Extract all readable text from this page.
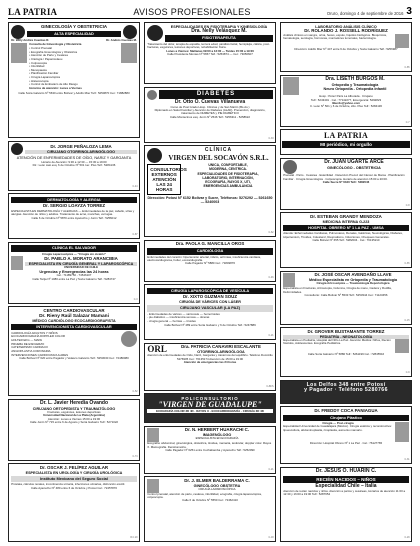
LA PATRIA	AVISOS PROFESIONALES	Oruro, domingo 4 de septiembre de 2016 3
GINECOLOGÍA Y OBSTETRICIA
ALTA ESPECIALIDAD
Dr. Willy Andrés Cuentas R.	Dr. Andrés Cuentas M.
Consulta de Ginecología y Obstetricia
• Control Prenatal
• Ecografía Ginecológica y Obstétrica
• Atención de Parto y Cesárea
• Citología / Papanicolaou
• Colposcopia
• Infertilidad
• Menopausia
• Planificación Familiar
• Cirugía Laparoscópica
• Histeroscopia
• Control de Embarazo de Alto Riesgo
Horarios de atención: Lunes a Viernes
Calle Soria Galvarro Nº 5630 entre Bolívar y Adolfo Mier Telf.: 5250870 Cel.: 71882883
Dr. JORGE PEÑALOZA LEMA
CIRUJANO OTORRINOLARINGÓLOGO
ATENCIÓN DE ENFERMEDADES DE OÍDO, NARIZ Y GARGANTA
Horario de Atención: 9:30 a 12:30 — 15:30 a 19:00
Dir.: León casi esq. 6 de Octubre Nº 501 1er. Piso Telf.: 5284136
C-44
DERMATOLOGÍA Y ALERGIA
Dr. SERGIO LOAYZA TORREZ
ESPECIALISTA EN DERMATOLOGÍA Y ALERGIAS — Enfermedades de la piel, cabello, uñas y alergias. Atención de niños y adultos. Tratamiento de acné, manchas, verrugas.
Calle 6 de Octubre Nº 5870 entre Ayacucho y Junín Telf.: 5256012
C-87
CLÍNICA EL SALVADOR
Cirugía Laparoscópica — "Cirugía sin cicatriz"
Dr. PABLO A. MORATO ARANCIBIA
ESPECIALISTA EN CIRUGÍA GENERAL Y LAPAROSCÓPICA
UNIVERSIDAD DE CHILE
Urgencias y Emergencias las 24 horas
Cel.: 71189750 - 74546107
Calle Tarija Nº 1080 entre La Paz y Soria Galvarro Telf.: 5284747
C-3
CENTRO CARDIOVASCULAR
Dr. Rieny Raúl Salazar Mamani
MÉDICO CARDIÓLOGO ECOCARDIOGRAFISTA
INTERVENCIONISTA CARDIOVASCULAR
CARDIOLOGÍA ADULTOS Y NIÑOS
ECOCARDIOGRAFÍA DOPPLER COLOR
HOLTER EKG — MAPA
PRUEBA DE ESFUERZO
CATETERISMO CARDIACO
ANGIOPLASTIA CORONARIA
INTERVENCIONES CARDIOVASCULARES
Calle Bolívar Nº 620 entre Pagador y Velasco Galvarro Telf.: 5253030 Cel.: 72480080
C-52
Dr. L. Javier Heredia Ovando
CIRUJANO ORTOPEDISTA Y TRAUMATÓLOGO
Fracturas, esguinces, lesiones deportivas
Universidad Nacional de La Plata (Argentina)
Atención: Lunes a Viernes 15:00 a 19:00
Calle Junín Nº 715 entre 6 de Agosto y Soria Galvarro Telf.: 5271022
C-74
Dr. OSCAR J. FELÍPEZ AGUILAR
ESPECIALISTA EN UROLOGÍA Y CIRUGÍA UROLÓGICA
Instituto Mexicano del Seguro Social
Próstata, cálculos renales, incontinencia urinaria, infecciones urinarias, disfunción eréctil.
Calle Ayacucho Nº 480 entre 6 de Octubre y Potosí Cel.: 72457870
R.C.20
ESPECIALIDADES EN FISIOTERAPIA Y KINESIOLOGÍA
Dra. Nelly Velásquez M.
FISIOTERAPEUTA
Tratamiento del dolor, terapia de espalda, tercera edad, parálisis facial, hemiplejia, ciática, post-fracturas, esguinces, lesiones deportivas, rehabilitación física.
Lunes a Viernes: Mañanas 09:00 a 12:00 — Tardes 15:00 a 19:00
Calle Presidente Montes Nº 5657 Telf.: 5253874 — Cel.: 73056607
DIABETES
Dr. Otto O. Cuevas Villanueva
Curso de Post Grado Hosp. Clínicas y de San Martín (Bs.As.)
Diplomado en Salud Familiar y Atención de Diabetes (ALAD). Prevención, diagnóstico, tratamiento de DIABETES y PIE DIABÉTICO
Calle Montecinos esq. Junín Nº 2546 Telf.: 5256311 - 5258622
C-33
CLÍNICA
VIRGEN DEL SOCAVÓN S.R.L.
CONSULTORIOS EXTERNOS ATENCIÓN LAS 24 HORAS
UNICA, CONFORTABLE,
MODERNA, CENTRICA.
ESPECIALIDADES DE FISIOTERAPIA,
LABORATORIO, INTERNACIÓN,
ECOGRAFÍA, RAYOS X, UTI,
EMERGENCIAS AMBULANCIA
Dirección: Potosí Nº 6152 Bolívar y Sucre, Teléfonos: 5276292 — 5261650 — 5240003
C-62
Dra. PAOLA G. MANCILLA OROS
CARDIÓLOGA
Enfermedades del corazón: hipertensión arterial, infarto, arritmias, insuficiencia cardiaca, electrocardiograma, holter, ecocardiografía.
Calle Pagador Nº 5880 Cel.: 71849876
C-46
CIRUGÍA LAPAROSCÓPICA DE VESÍCULA
Dr. XIXTO GUZMAN SOUZ
CIRUGÍA DE VÁRICES CON LÁSER
CIRUJANO VASCULAR (LA PAZ)
- Enfermedades de várices — varicocele — hemorroides
- pie diabético — insuficiencia venosa — úlceras
- cirugía general — hernias — tiroides
Calle Bolívar Nº 489 entre Soria Galvarro y 6 de Octubre Telf.: 5247889
C-21
ORL	Dra. PATRICIA CANAVIRI ESCALANTE
OTORRINOLARINGÓLOGA
Atención de enfermedades de Oído, Nariz, Garganta y trastornos del equilibrio. Teléfono Domicilio 5276905 Cel.: 76135174 Atención de 15:00 a 19:00
Atención de emergencias las 24 horas
C-84/S
POLICONSULTORIO
"VIRGEN DE GUADALUPE"
ECOGRAFÍA COLOR 3D 4D · RAYOS X · ECOCARDIOGRAFÍA · CIRUGÍA 3D 4D
Dr. N. HERBERT HUARACHI C.
IMAGENÓLOGO
ESPECIALISTA EN ECOGRAFÍA
Ecografía: abdominal, ginecológica, obstétrica, tiroidea, mamaria, testicular, doppler color. Rayos X. Mamografía. Densitometría.
Calle Pagador Nº 6251 entre Cochabamba y Ayacucho Telf.: 5252090
C-21
Dr. J. ELMER BALDERRAMA C.
GINECÓLOGO OBSTETRA
CIRUGÍA LAPAROSCÓPICA
Control prenatal, atención de parto, cesárea, infertilidad, ecografía, cirugía laparoscópica, colposcopía.
Calle 6 de Octubre Nº 5550 Cel.: 72462410
C-18
LABORATORIO ANÁLISIS CLÍNICO
Dr. ROLANDO J. ROSSELL RODRÍGUEZ
Análisis clínicos en sangre, orina, heces, esputo, líquidos biológicos. Bioquímica, hematología, serología, hormonas, marcadores tumorales, bacteriología.
Dirección: Adolfo Mier Nº 447 entre 6 de Octubre y Soria Galvarro Telf.: 5256987
C-85
Dra. LISETH BURGOS M.
Ortopedia y Traumatología
Neuro Ortopedia - Ortopedia Infantil
Hosp.: Pérez Paris La Alborada · Cirujano
Telf.: 5243401 · Cel.: 77142277, Emergencia: 5292823
liburdo@yahoo.com
C. León Nº 501 y 6 de Octubre, 2do. Piso Telf.: 5284136
C-7
LA PATRIA
MI periódico, mi orgullo
Dr. JUAN UGARTE ARCE
GINECÓLOGO - OBSTETRICIA
Prenatal · Parto · Cesárea · Esterilidad · Detección Precoz del Cáncer de Mama · Planificación Familiar · Cirugía Ginecológica · Colposcopía. Horario de atención 15:00 a 20:00.
Calle Sucre Nº 6340 Telf.: 5282046
C-8
Dr. ESTEBAN GRANDY MENDOZA
MEDICINA INTERNA G-223
HOSPITAL OBRERO Nº 1 LA PAZ - UMSA
Atiende: Enfermedades Cardíacas, Pulmonares, Renales, Gástricas, Neurológicas, Diabetes, Hipertensión, Tiroides, Colesterol, Reumatismo, Infecciones, Chequeos Generales.
Calle Bolívar Nº 655 Telf.: 5282004 · Cel.: 76135210
C-65
Dr. JOSÉ OSCAR AVENDAÑO LLAVE
Médico Especialista en Ortopedia y Traumatología
Cirugía Artroscópica — Traumatología Deportológica
Especialista en Fracturas, Artroscopia, Columna, Cirugía de mano, Cadera y Rodilla, Deformidades.
Consultorio: Calle Bolívar Nº 5533 Telf.: 5253344 Cel.: 71123456
C-15
Dr. GROVER BUSTAMANTE TORREZ
PEDIATRÍA - NEONATOLOGÍA
Especialista en Pediatría, Hospital del Niño La Paz. Atención Médica: Niños, Recién Nacidos, Adolescentes. Ecografía Pediátrica.
Calle Soria Galvarro Nº 5880 Telf.: 5261199 Cel.: 72845516
C-9
Los Delfos 348 entre Potosí
y Pagador · Teléfono 5280766
Dr. FREDDY COCA PANIAGUA
Cirujano Plástico
Cirugía — Post-cirugía
Especialidad Universidad de Guadalajara (México). Cirugía estética y reconstructiva: lipoescultura, abdominoplastia, rinoplastia, aumento mamario.
Dirección: Hospital Obrero Nº 1 La Paz · Cel.: 76127765
C-31
Dr. JESÚS O. HUARÍN C.
RECIÉN NACIDOS – NIÑOS
Especialidad Chile – Italia
Atención de recién nacidos y niños. Atención a partos y cesáreas, Horarios de atención 11:00 a 12:30 y 16:00 a 19:00 Telf.: 5287654
C-29
